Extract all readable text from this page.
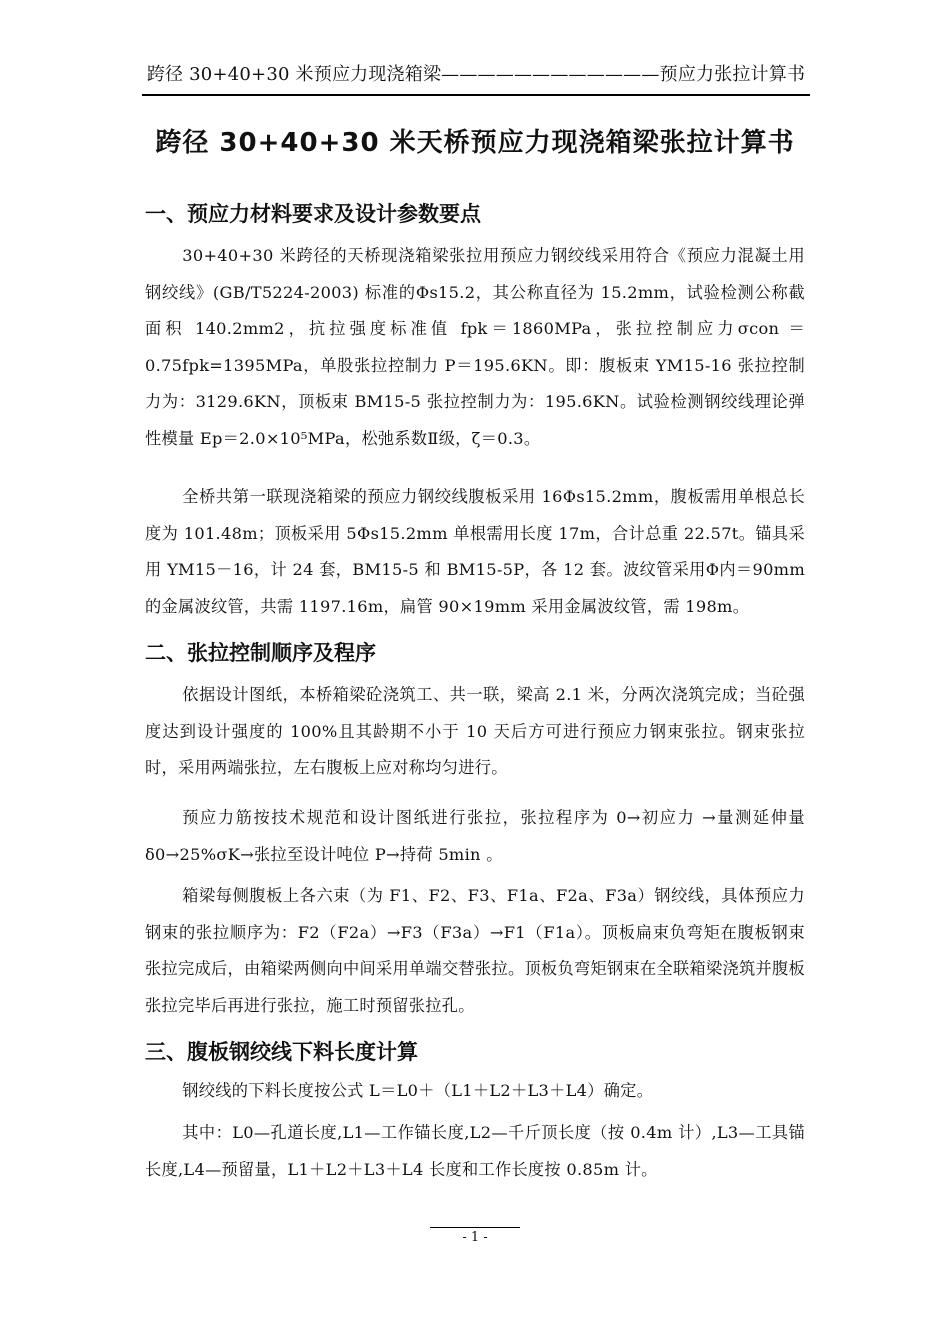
跨径 30+40+30 米预应力现浇箱梁————————————预应力张拉计算书
跨径 30+40+30 米天桥预应力现浇箱梁张拉计算书
一、预应力材料要求及设计参数要点

30+40+30 米跨径的天桥现浇箱梁张拉用预应力钢绞线采用符合《预应力混凝土用钢绞线》(GB/T5224-2003) 标准的Φs15.2，其公称直径为 15.2mm，试验检测公称截面积 140.2mm2，抗拉强度标准值 fpk＝1860MPa，张拉控制应力σcon ＝0.75fpk=1395MPa，单股张拉控制力 P＝195.6KN。即：腹板束 YM15-16 张拉控制力为：3129.6KN，顶板束 BM15-5 张拉控制力为：195.6KN。试验检测钢绞线理论弹性模量 Ep＝2.0×10⁵MPa，松弛系数Ⅱ级，ζ＝0.3。

全桥共第一联现浇箱梁的预应力钢绞线腹板采用 16Φs15.2mm，腹板需用单根总长度为 101.48m；顶板采用 5Φs15.2mm 单根需用长度 17m，合计总重 22.57t。锚具采用 YM15－16，计 24 套，BM15-5 和 BM15-5P，各 12 套。波纹管采用Φ内＝90mm 的金属波纹管，共需 1197.16m，扁管 90×19mm 采用金属波纹管，需 198m。

二、张拉控制顺序及程序

依据设计图纸，本桥箱梁砼浇筑工、共一联，梁高 2.1 米，分两次浇筑完成；当砼强度达到设计强度的 100%且其龄期不小于 10 天后方可进行预应力钢束张拉。钢束张拉时，采用两端张拉，左右腹板上应对称均匀进行。

预应力筋按技术规范和设计图纸进行张拉，张拉程序为 0→初应力 →量测延伸量δ0→25%σK→张拉至设计吨位 P→持荷 5min 。

箱梁每侧腹板上各六束（为 F1、F2、F3、F1a、F2a、F3a）钢绞线，具体预应力钢束的张拉顺序为：F2（F2a）→F3（F3a）→F1（F1a）。顶板扁束负弯矩在腹板钢束张拉完成后，由箱梁两侧向中间采用单端交替张拉。顶板负弯矩钢束在全联箱梁浇筑并腹板张拉完毕后再进行张拉，施工时预留张拉孔。

三、腹板钢绞线下料长度计算

钢绞线的下料长度按公式 L＝L0＋（L1＋L2＋L3＋L4）确定。

其中：L0—孔道长度,L1—工作锚长度,L2—千斤顶长度（按 0.4m 计）,L3—工具锚长度,L4—预留量，L1＋L2＋L3＋L4 长度和工作长度按 0.85m 计。

- 1 -
